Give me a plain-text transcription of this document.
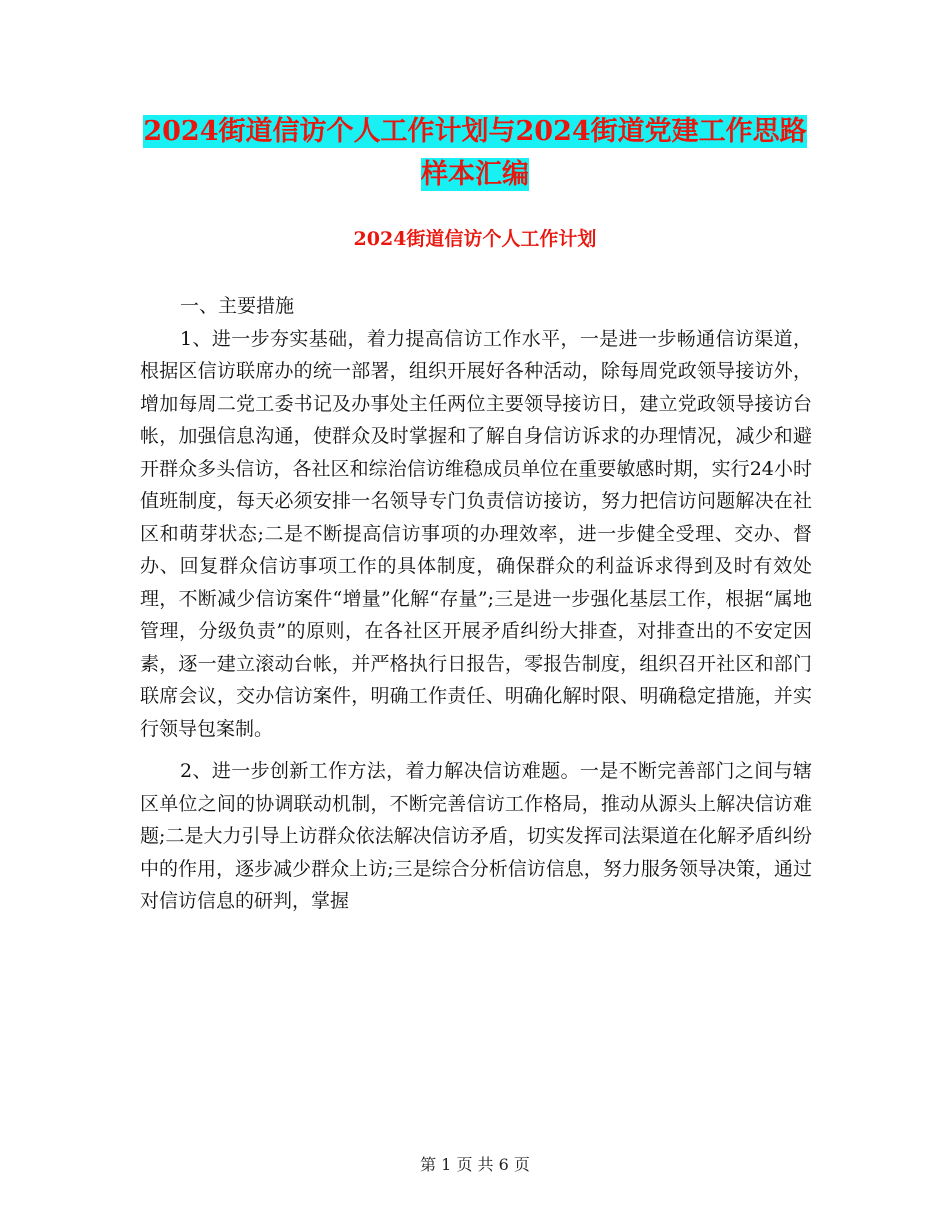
2024街道信访个人工作计划与2024街道党建工作思路
样本汇编
2024街道信访个人工作计划

一、主要措施

1、进一步夯实基础，着力提高信访工作水平，一是进一步畅通信访渠道，根据区信访联席办的统一部署，组织开展好各种活动，除每周党政领导接访外，增加每周二党工委书记及办事处主任两位主要领导接访日，建立党政领导接访台帐，加强信息沟通，使群众及时掌握和了解自身信访诉求的办理情况，减少和避开群众多头信访，各社区和综治信访维稳成员单位在重要敏感时期，实行24小时值班制度，每天必须安排一名领导专门负责信访接访，努力把信访问题解决在社区和萌芽状态;二是不断提高信访事项的办理效率，进一步健全受理、交办、督办、回复群众信访事项工作的具体制度，确保群众的利益诉求得到及时有效处理，不断减少信访案件“增量”化解“存量”;三是进一步强化基层工作，根据“属地管理，分级负责”的原则，在各社区开展矛盾纠纷大排查，对排查出的不安定因素，逐一建立滚动台帐，并严格执行日报告，零报告制度，组织召开社区和部门联席会议，交办信访案件，明确工作责任、明确化解时限、明确稳定措施，并实行领导包案制。

2、进一步创新工作方法，着力解决信访难题。一是不断完善部门之间与辖区单位之间的协调联动机制，不断完善信访工作格局，推动从源头上解决信访难题;二是大力引导上访群众依法解决信访矛盾，切实发挥司法渠道在化解矛盾纠纷中的作用，逐步减少群众上访;三是综合分析信访信息，努力服务领导决策，通过对信访信息的研判，掌握

第 1 页 共 6 页
